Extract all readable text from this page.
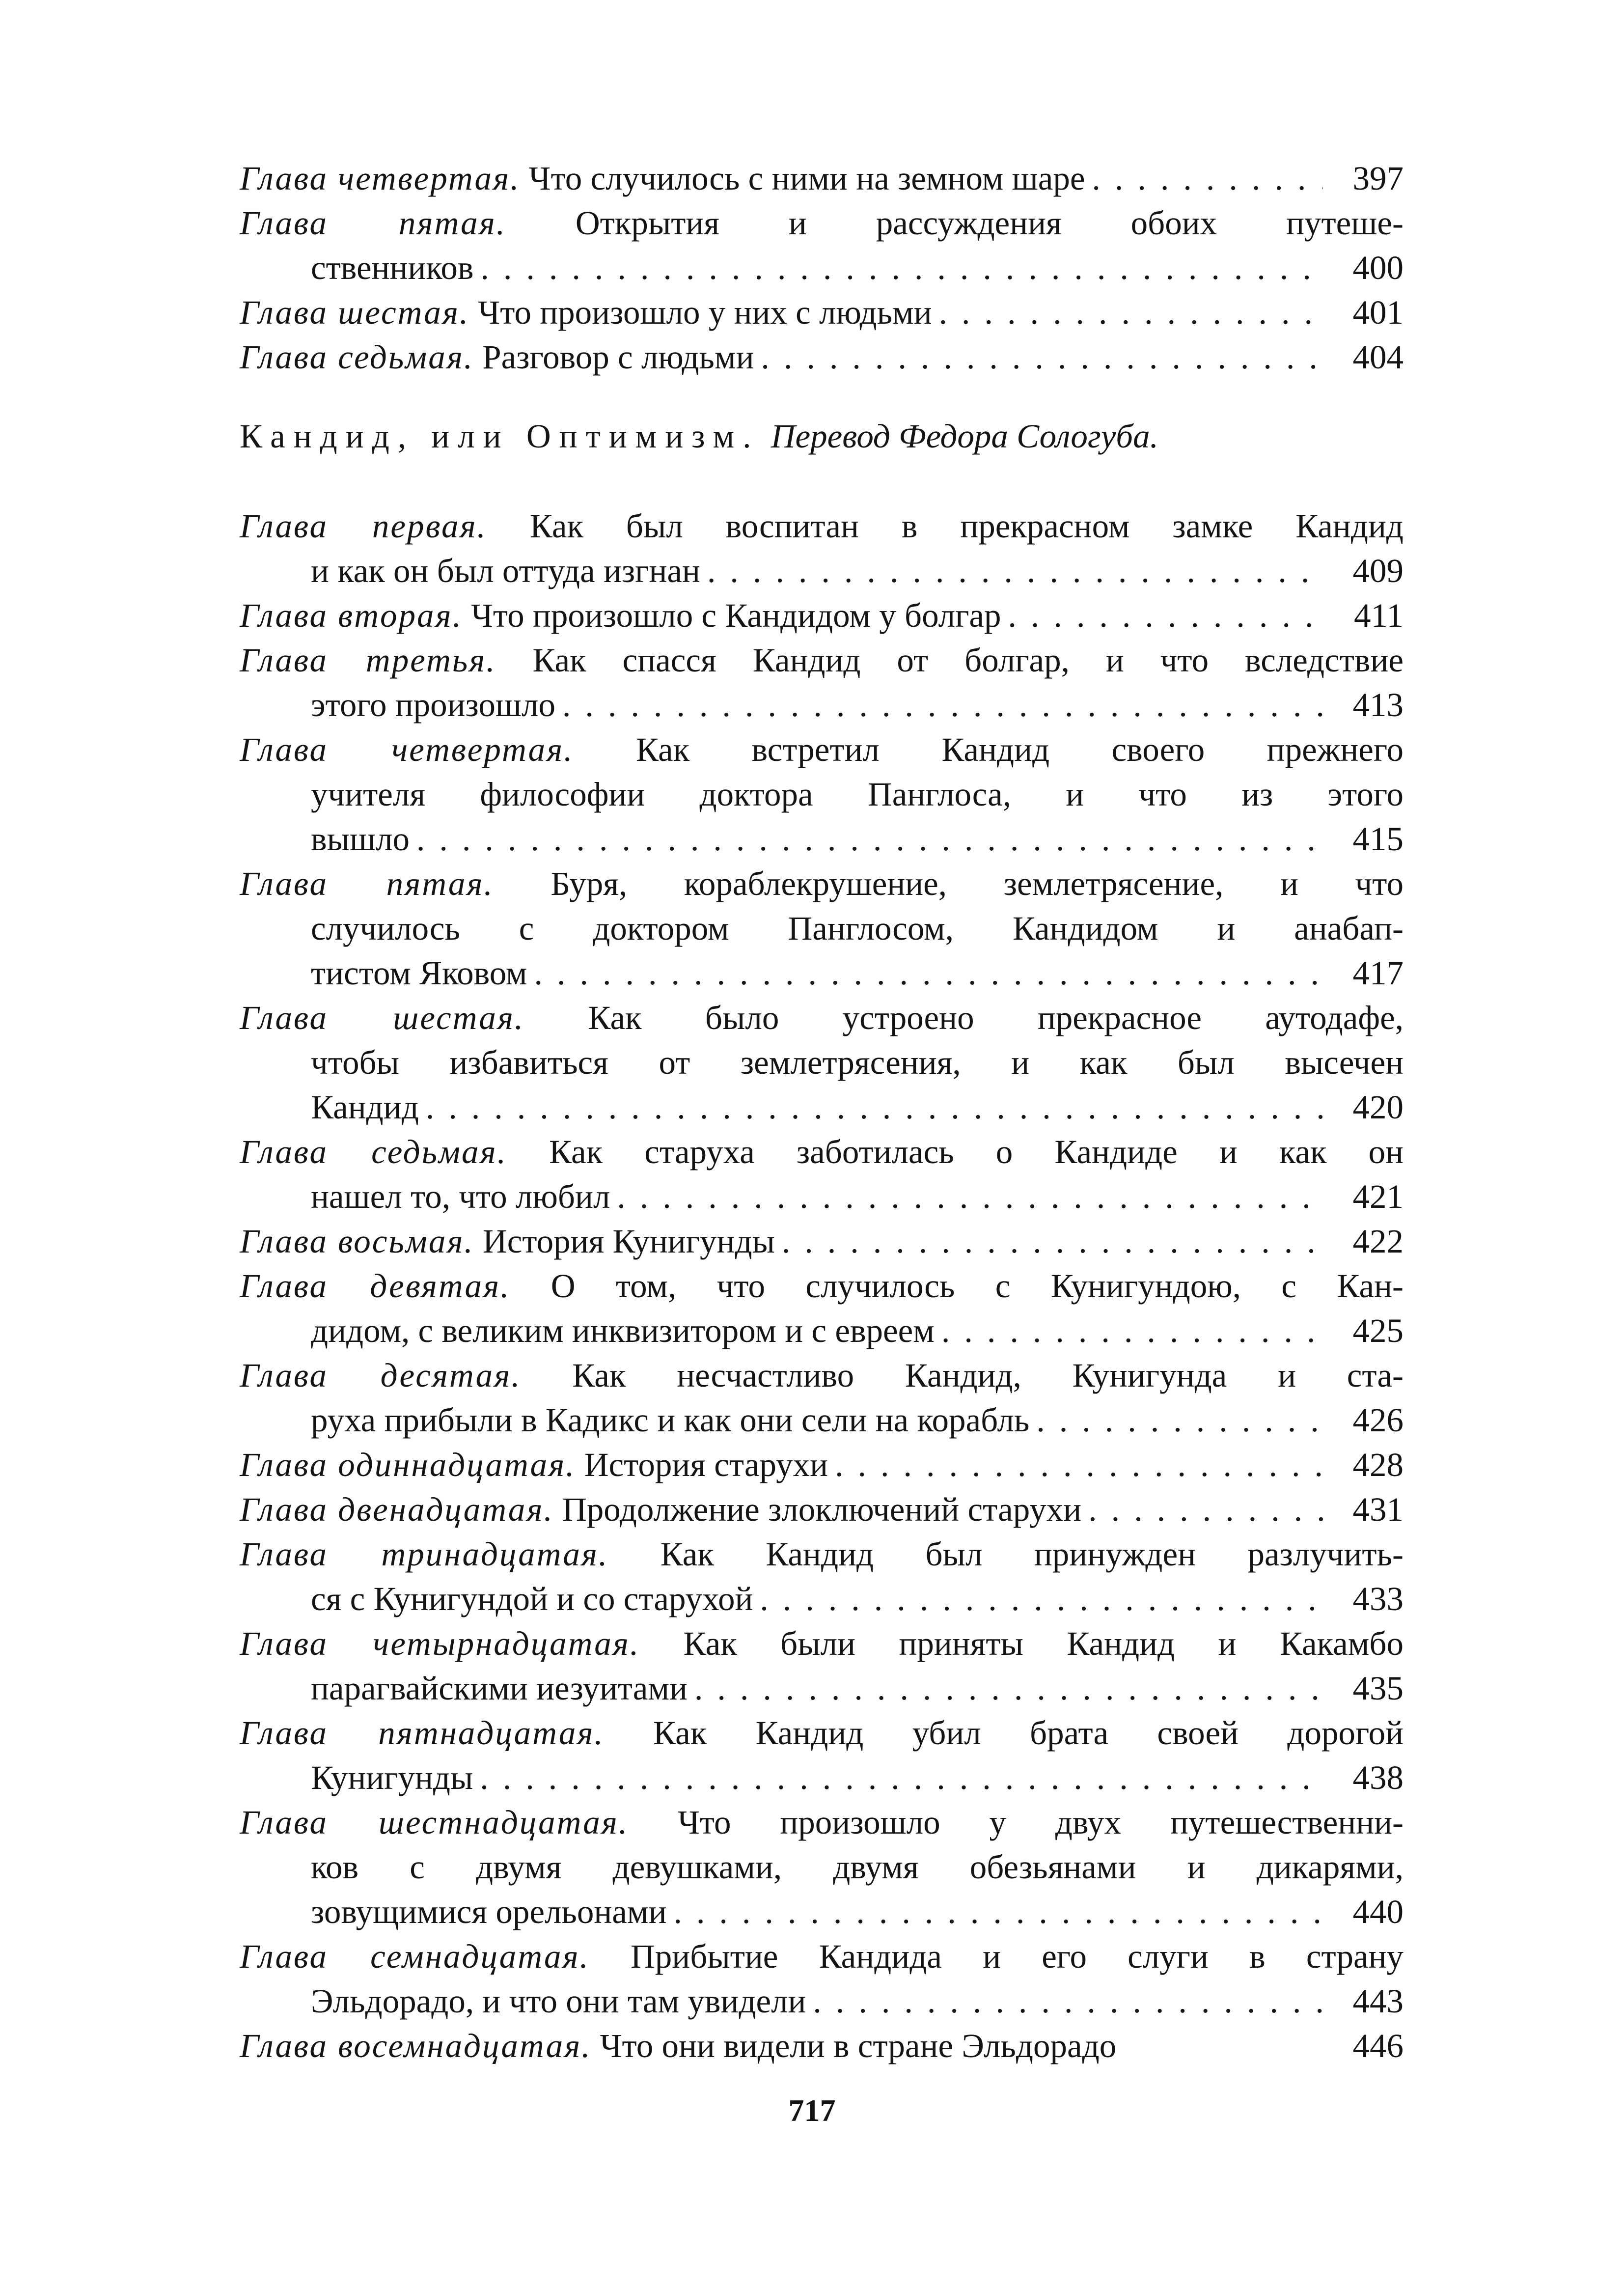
Глава четвертая. Что случилось с ними на земном шаре . . .	397
Глава пятая. Открытия и рассуждения обоих путеше-
ственников . . .	400
Глава шестая. Что произошло у них с людьми . . .	401
Глава седьмая. Разговор с людьми . . .	404
Кандид, или Оптимизм. Перевод Федора Сологуба.
Глава первая. Как был воспитан в прекрасном замке Кандид
и как он был оттуда изгнан . . .	409
Глава вторая. Что произошло с Кандидом у болгар . . .	411
Глава третья. Как спасся Кандид от болгар, и что вследствие
этого произошло . . .	413
Глава четвертая. Как встретил Кандид своего прежнего
учителя философии доктора Панглоса, и что из этого
вышло . . .	415
Глава пятая. Буря, кораблекрушение, землетрясение, и что
случилось с доктором Панглосом, Кандидом и анабап-
тистом Яковом . . .	417
Глава шестая. Как было устроено прекрасное аутодафе,
чтобы избавиться от землетрясения, и как был высечен
Кандид . . .	420
Глава седьмая. Как старуха заботилась о Кандиде и как он
нашел то, что любил . . .	421
Глава восьмая. История Кунигунды . . .	422
Глава девятая. О том, что случилось с Кунигундою, с Кан-
дидом, с великим инквизитором и с евреем . . .	425
Глава десятая. Как несчастливо Кандид, Кунигунда и ста-
руха прибыли в Кадикс и как они сели на корабль . . .	426
Глава одиннадцатая. История старухи . . .	428
Глава двенадцатая. Продолжение злоключений старухи . . .	431
Глава тринадцатая. Как Кандид был принужден разлучить-
ся с Кунигундой и со старухой . . .	433
Глава четырнадцатая. Как были приняты Кандид и Какамбо
парагвайскими иезуитами . . .	435
Глава пятнадцатая. Как Кандид убил брата своей дорогой
Кунигунды . . .	438
Глава шестнадцатая. Что произошло у двух путешественни-
ков с двумя девушками, двумя обезьянами и дикарями,
зовущимися орельонами . . .	440
Глава семнадцатая. Прибытие Кандида и его слуги в страну
Эльдорадо, и что они там увидели . . .	443
Глава восемнадцатая. Что они видели в стране Эльдорадо	446
717
